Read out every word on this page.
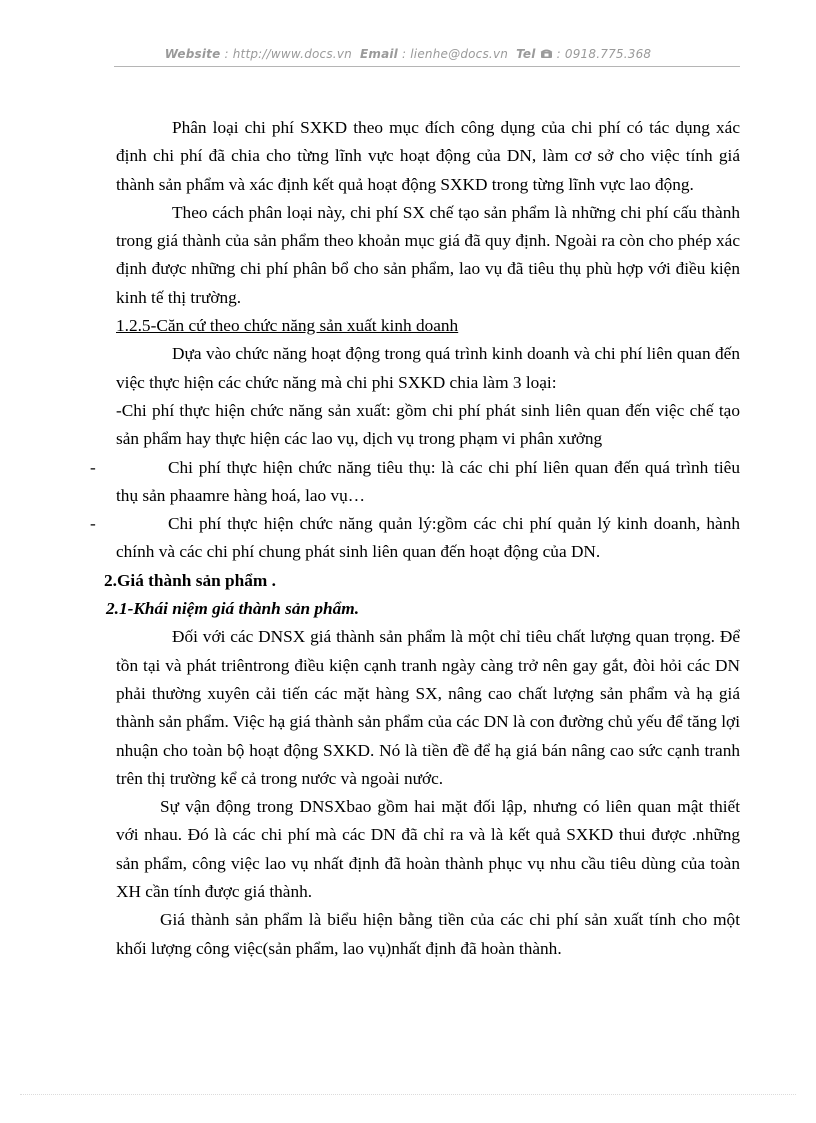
Website : http://www.docs.vn Email : lienhe@docs.vn Tel : 0918.775.368

Phân loại chi phí SXKD theo mục đích công dụng của chi phí có tác dụng xác định chi phí đã chia cho từng lĩnh vực hoạt động của DN, làm cơ sở cho việc tính giá thành sản phẩm và xác định kết quả hoạt động SXKD trong từng lĩnh vực lao động.

Theo cách phân loại này, chi phí SX chế tạo sản phẩm là những chi phí cấu thành trong giá thành của sản phẩm theo khoản mục giá đã quy định. Ngoài ra còn cho phép xác định được những chi phí phân bổ cho sản phẩm, lao vụ đã tiêu thụ phù hợp với điều kiện kinh tế thị trường.

1.2.5-Căn cứ theo chức năng sản xuất kinh doanh

Dựa vào chức năng hoạt động trong quá trình kinh doanh và chi phí liên quan đến việc thực hiện các chức năng mà chi phi SXKD chia làm 3 loại:

-Chi phí thực hiện chức năng sản xuất: gồm chi phí phát sinh liên quan đến việc chế tạo sản phẩm hay thực hiện các lao vụ, dịch vụ trong phạm vi phân xưởng

-	Chi phí thực hiện chức năng tiêu thụ: là các chi phí liên quan đến quá trình tiêu thụ sản phaamre hàng hoá, lao vụ…

-	Chi phí thực hiện chức năng quản lý:gồm các chi phí quản lý kinh doanh, hành chính và các chi phí chung phát sinh liên quan đến hoạt động của DN.

2.Giá thành sản phẩm .

2.1-Khái niệm giá thành sản phẩm.

Đối với các DNSX giá thành sản phẩm là một chỉ tiêu chất lượng quan trọng. Để tồn tại và phát triêntrong điều kiện cạnh tranh ngày càng trở nên gay gắt, đòi hỏi các DN phải thường xuyên cải tiến các mặt hàng SX, nâng cao chất lượng sản phẩm và hạ giá thành sản phẩm. Việc hạ giá thành sản phẩm của các DN là con đường chủ yếu để tăng lợi nhuận cho toàn bộ hoạt động SXKD. Nó là tiền đề để hạ giá bán nâng cao sức cạnh tranh trên thị trường kể cả trong nước và ngoài nước.

Sự vận động trong DNSXbao gồm hai mặt đối lập, nhưng có liên quan mật thiết với nhau. Đó là các chi phí mà các DN đã chỉ ra và là kết quả SXKD thui được .những sản phẩm, công việc lao vụ nhất định đã hoàn thành phục vụ nhu cầu tiêu dùng của toàn XH cần tính được giá thành.

Giá thành sản phẩm là biểu hiện bằng tiền của các chi phí sản xuất tính cho một khối lượng công việc(sản phẩm, lao vụ)nhất định đã hoàn thành.
